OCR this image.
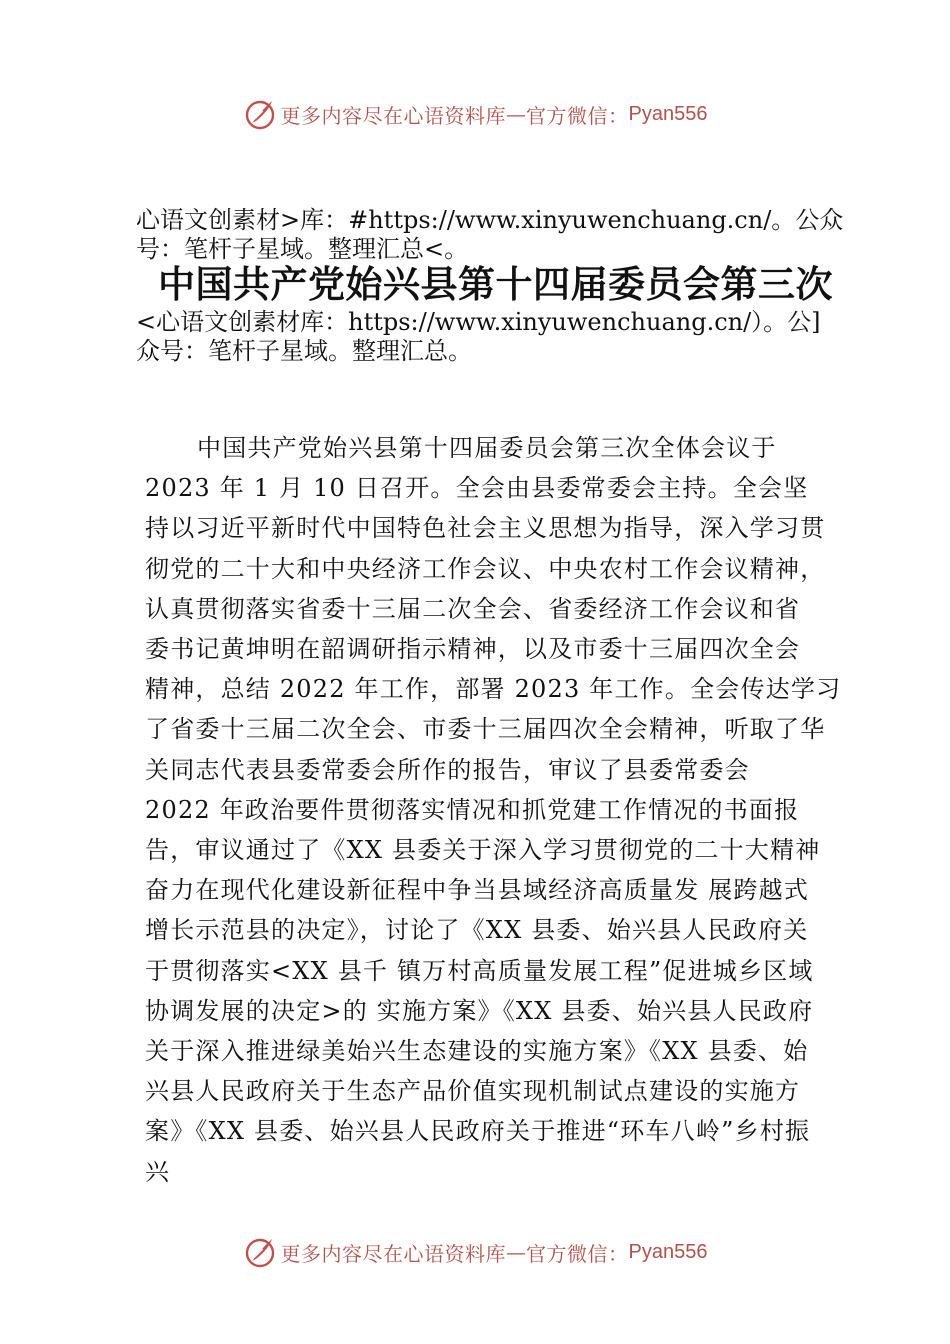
更多内容尽在心语资料库 — 官方微信： Pyan556
心语文创素材>库：#https://www.xinyuwenchuang.cn/。公众
号：笔杆子星域。整理汇总<。
中国共产党始兴县第十四届委员会第三次
<心语文创素材库：https://www.xinyuwenchuang.cn/）。公]
众号：笔杆子星域。整理汇总。
中国共产党始兴县第十四届委员会第三次全体会议于
2023 年 1 月 10 日召开。全会由县委常委会主持。全会坚
持以习近平新时代中国特色社会主义思想为指导，深入学习贯
彻党的二十大和中央经济工作会议、中央农村工作会议精神，
认真贯彻落实省委十三届二次全会、省委经济工作会议和省
委书记黄坤明在韶调研指示精神，以及市委十三届四次全会
精神，总结 2022 年工作，部署 2023 年工作。全会传达学习
了省委十三届二次全会、市委十三届四次全会精神，听取了华
关同志代表县委常委会所作的报告，审议了县委常委会
2022 年政治要件贯彻落实情况和抓党建工作情况的书面报
告，审议通过了《XX 县委关于深入学习贯彻党的二十大精神
奋力在现代化建设新征程中争当县域经济高质量发 展跨越式
增长示范县的决定》，讨论了《XX 县委、始兴县人民政府关
于贯彻落实<XX 县千 镇万村高质量发展工程”促进城乡区域
协调发展的决定>的 实施方案》《XX 县委、始兴县人民政府
关于深入推进绿美始兴生态建设的实施方案》《XX 县委、始
兴县人民政府关于生态产品价值实现机制试点建设的实施方
案》《XX 县委、始兴县人民政府关于推进“环车八岭”乡村振
兴
更多内容尽在心语资料库 — 官方微信： Pyan556
